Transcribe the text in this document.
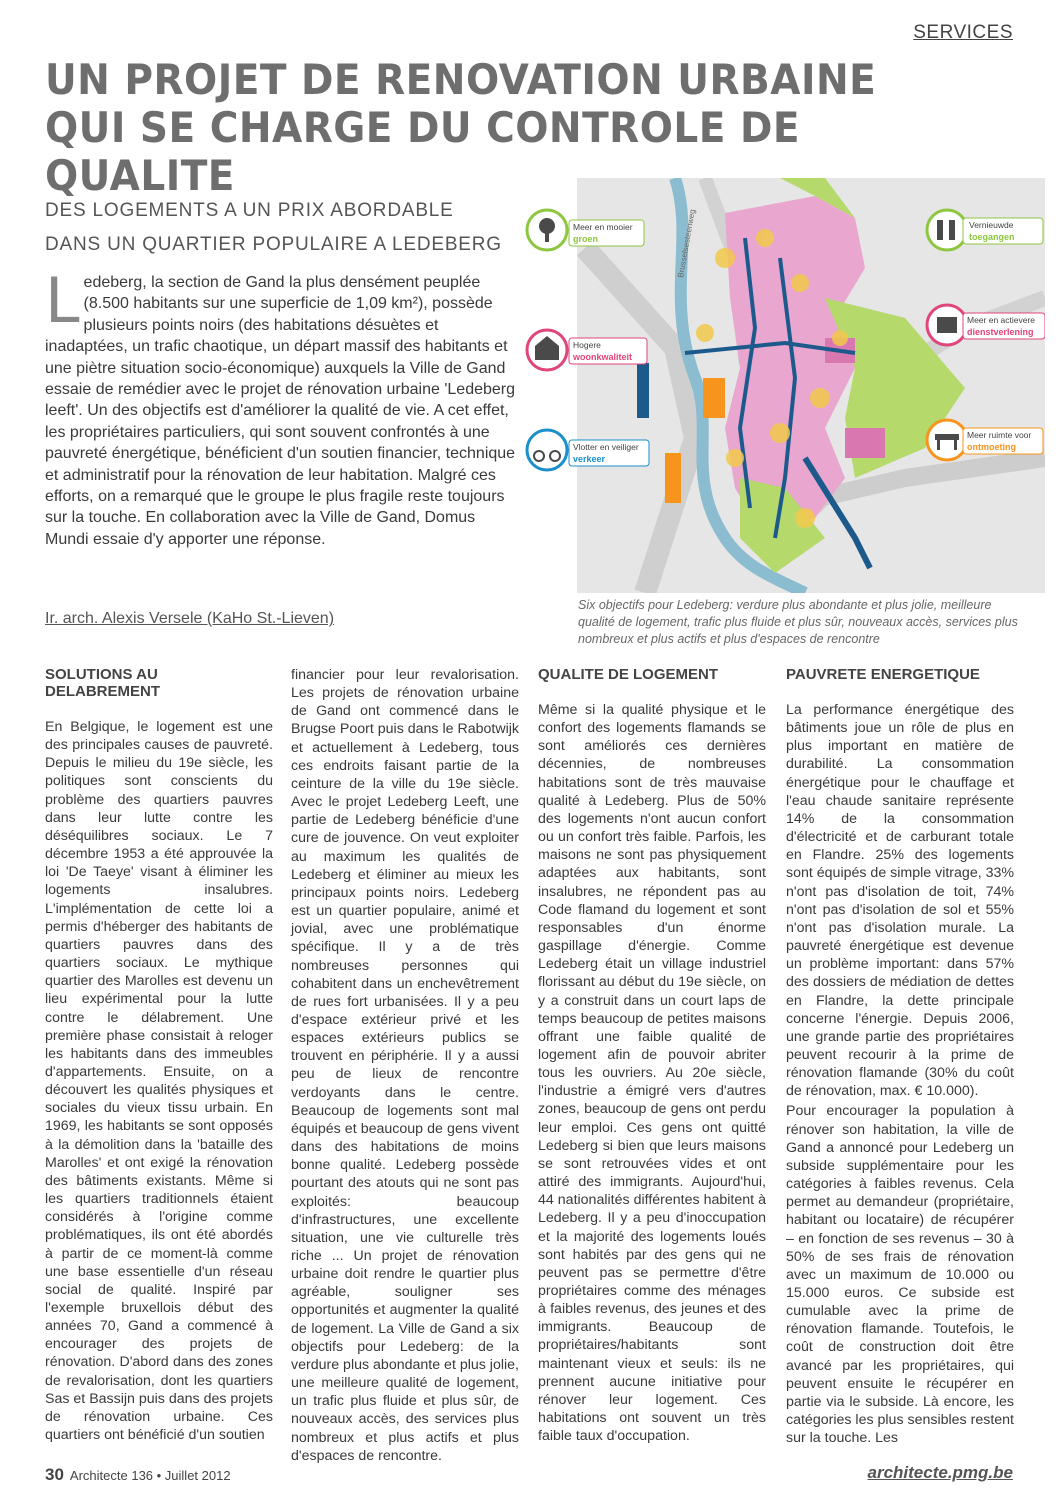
SERVICES
UN PROJET DE RENOVATION URBAINE
QUI SE CHARGE DU CONTROLE DE QUALITE
DES LOGEMENTS A UN PRIX ABORDABLE
DANS UN QUARTIER POPULAIRE A LEDEBERG
Ledeberg, la section de Gand la plus densément peuplée (8.500 habitants sur une superficie de 1,09 km²), possède plusieurs points noirs (des habitations désuètes et inadaptées, un trafic chaotique, un départ massif des habitants et une piètre situation socio-économique) auxquels la Ville de Gand essaie de remédier avec le projet de rénovation urbaine 'Ledeberg leeft'. Un des objectifs est d'améliorer la qualité de vie. A cet effet, les propriétaires particuliers, qui sont souvent confrontés à une pauvreté énergétique, bénéficient d'un soutien financier, technique et administratif pour la rénovation de leur habitation. Malgré ces efforts, on a remarqué que le groupe le plus fragile reste toujours sur la touche. En collaboration avec la Ville de Gand, Domus Mundi essaie d'y apporter une réponse.
Ir. arch. Alexis Versele (KaHo St.-Lieven)
Brusselsesteenweg
Meer en mooier
groen
Vernieuwde
toegangen
Hogere
woonkwaliteit
Meer en actievere
dienstverlening
Vlotter en veiliger
verkeer
Meer ruimte voor
ontmoeting
Six objectifs pour Ledeberg: verdure plus abondante et plus jolie, meilleure qualité de logement, trafic plus fluide et plus sûr, nouveaux accès, services plus nombreux et plus actifs et plus d'espaces de rencontre
SOLUTIONS AU DELABREMENT

En Belgique, le logement est une des principales causes de pauvreté. Depuis le milieu du 19e siècle, les politiques sont conscients du problème des quartiers pauvres dans leur lutte contre les déséquilibres sociaux. Le 7 décembre 1953 a été approuvée la loi 'De Taeye' visant à éliminer les logements insalubres. L'implémentation de cette loi a permis d'héberger des habitants de quartiers pauvres dans des quartiers sociaux. Le mythique quartier des Marolles est devenu un lieu expérimental pour la lutte contre le délabrement. Une première phase consistait à reloger les habitants dans des immeubles d'appartements. Ensuite, on a découvert les qualités physiques et sociales du vieux tissu urbain. En 1969, les habitants se sont opposés à la démolition dans la 'bataille des Marolles' et ont exigé la rénovation des bâtiments existants. Même si les quartiers traditionnels étaient considérés à l'origine comme problématiques, ils ont été abordés à partir de ce moment-là comme une base essentielle d'un réseau social de qualité. Inspiré par l'exemple bruxellois début des années 70, Gand a commencé à encourager des projets de rénovation. D'abord dans des zones de revalorisation, dont les quartiers Sas et Bassijn puis dans des projets de rénovation urbaine. Ces quartiers ont bénéficié d'un soutien

financier pour leur revalorisation. Les projets de rénovation urbaine de Gand ont commencé dans le Brugse Poort puis dans le Rabotwijk et actuellement à Ledeberg, tous ces endroits faisant partie de la ceinture de la ville du 19e siècle. Avec le projet Ledeberg Leeft, une partie de Ledeberg bénéficie d'une cure de jouvence. On veut exploiter au maximum les qualités de Ledeberg et éliminer au mieux les principaux points noirs. Ledeberg est un quartier populaire, animé et jovial, avec une problématique spécifique. Il y a de très nombreuses personnes qui cohabitent dans un enchevêtrement de rues fort urbanisées. Il y a peu d'espace extérieur privé et les espaces extérieurs publics se trouvent en périphérie. Il y a aussi peu de lieux de rencontre verdoyants dans le centre. Beaucoup de logements sont mal équipés et beaucoup de gens vivent dans des habitations de moins bonne qualité. Ledeberg possède pourtant des atouts qui ne sont pas exploités: beaucoup d'infrastructures, une excellente situation, une vie culturelle très riche ... Un projet de rénovation urbaine doit rendre le quartier plus agréable, souligner ses opportunités et augmenter la qualité de logement. La Ville de Gand a six objectifs pour Ledeberg: de la verdure plus abondante et plus jolie, une meilleure qualité de logement, un trafic plus fluide et plus sûr, de nouveaux accès, des services plus nombreux et plus actifs et plus d'espaces de rencontre.

QUALITE DE LOGEMENT

Même si la qualité physique et le confort des logements flamands se sont améliorés ces dernières décennies, de nombreuses habitations sont de très mauvaise qualité à Ledeberg. Plus de 50% des logements n'ont aucun confort ou un confort très faible. Parfois, les maisons ne sont pas physiquement adaptées aux habitants, sont insalubres, ne répondent pas au Code flamand du logement et sont responsables d'un énorme gaspillage d'énergie. Comme Ledeberg était un village industriel florissant au début du 19e siècle, on y a construit dans un court laps de temps beaucoup de petites maisons offrant une faible qualité de logement afin de pouvoir abriter tous les ouvriers. Au 20e siècle, l'industrie a émigré vers d'autres zones, beaucoup de gens ont perdu leur emploi. Ces gens ont quitté Ledeberg si bien que leurs maisons se sont retrouvées vides et ont attiré des immigrants. Aujourd'hui, 44 nationalités différentes habitent à Ledeberg. Il y a peu d'inoccupation et la majorité des logements loués sont habités par des gens qui ne peuvent pas se permettre d'être propriétaires comme des ménages à faibles revenus, des jeunes et des immigrants. Beaucoup de propriétaires/habitants sont maintenant vieux et seuls: ils ne prennent aucune initiative pour rénover leur logement. Ces habitations ont souvent un très faible taux d'occupation.

PAUVRETE ENERGETIQUE

La performance énergétique des bâtiments joue un rôle de plus en plus important en matière de durabilité. La consommation énergétique pour le chauffage et l'eau chaude sanitaire représente 14% de la consommation d'électricité et de carburant totale en Flandre. 25% des logements sont équipés de simple vitrage, 33% n'ont pas d'isolation de toit, 74% n'ont pas d'isolation de sol et 55% n'ont pas d'isolation murale. La pauvreté énergétique est devenue un problème important: dans 57% des dossiers de médiation de dettes en Flandre, la dette principale concerne l'énergie. Depuis 2006, une grande partie des propriétaires peuvent recourir à la prime de rénovation flamande (30% du coût de rénovation, max. € 10.000).

Pour encourager la population à rénover son habitation, la ville de Gand a annoncé pour Ledeberg un subside supplémentaire pour les catégories à faibles revenus. Cela permet au demandeur (propriétaire, habitant ou locataire) de récupérer – en fonction de ses revenus – 30 à 50% de ses frais de rénovation avec un maximum de 10.000 ou 15.000 euros. Ce subside est cumulable avec la prime de rénovation flamande. Toutefois, le coût de construction doit être avancé par les propriétaires, qui peuvent ensuite le récupérer en partie via le subside. Là encore, les catégories les plus sensibles restent sur la touche. Les

30 Architecte 136 • Juillet 2012	architecte.pmg.be
